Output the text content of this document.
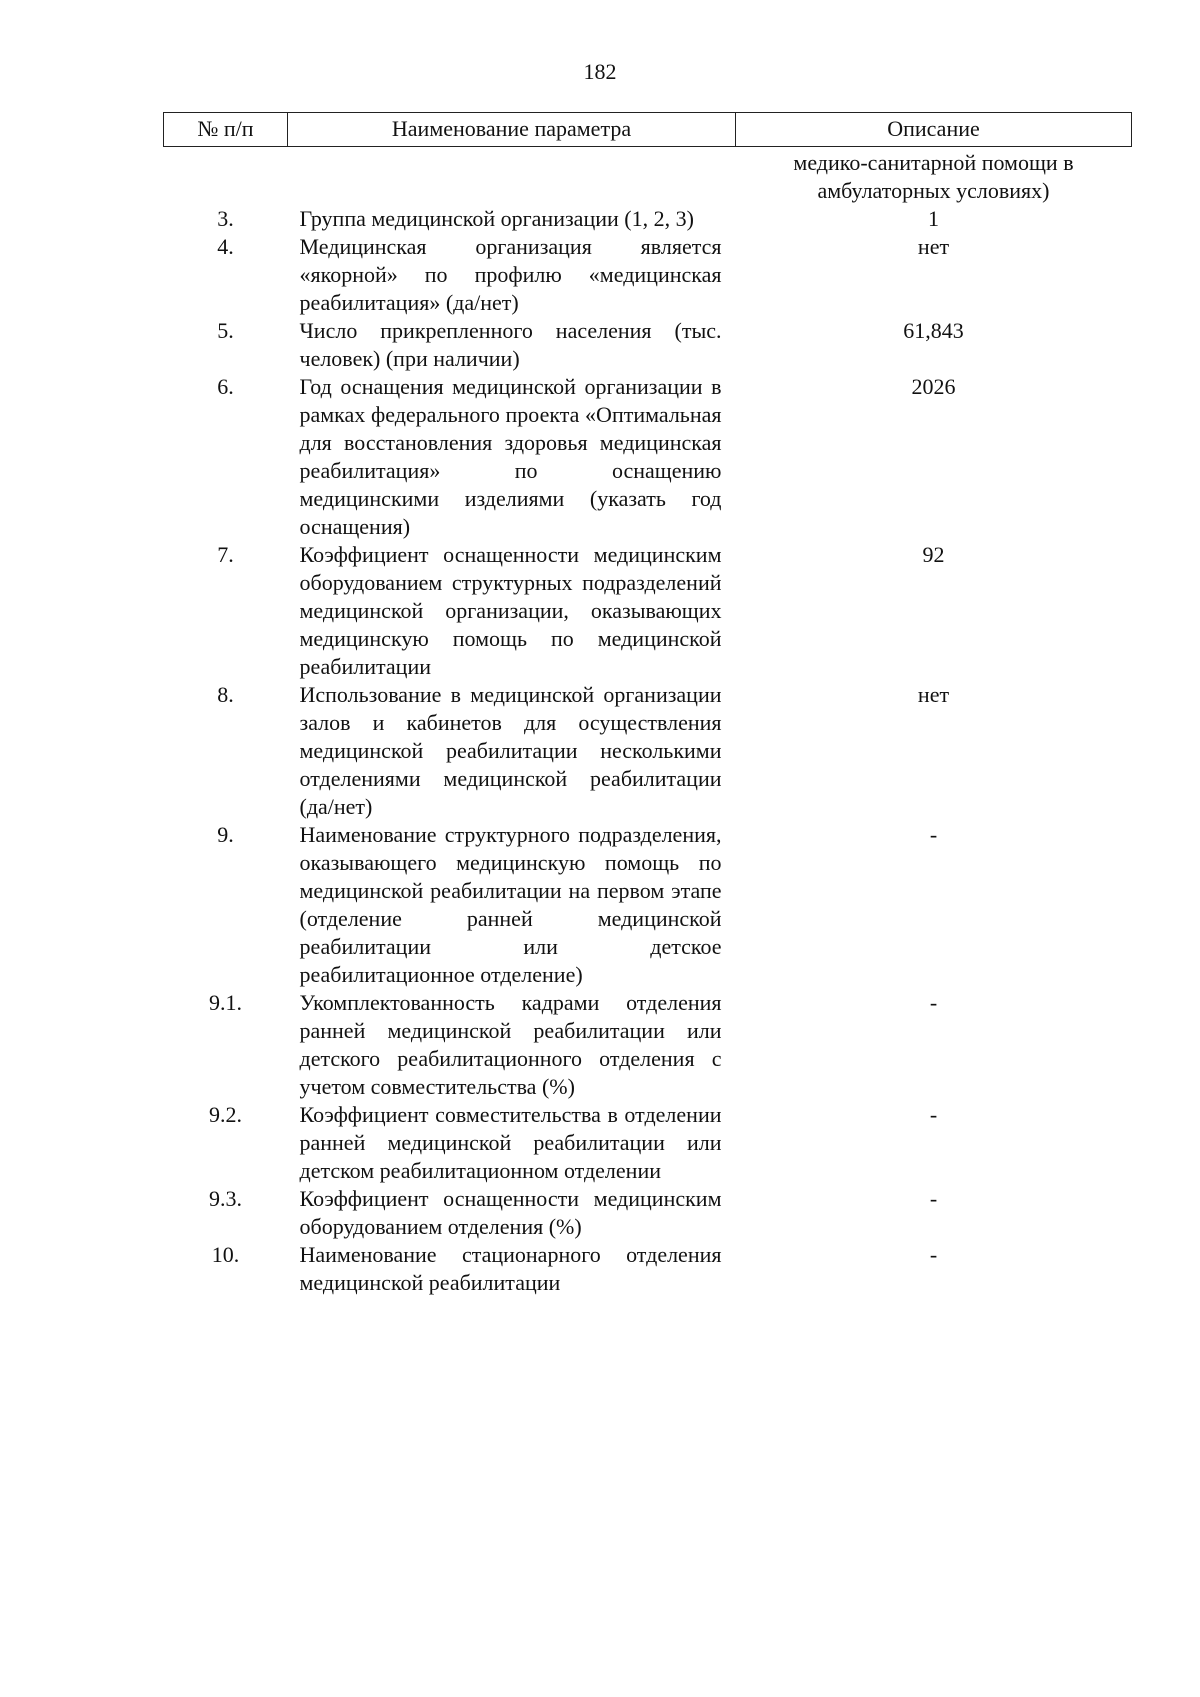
182
№ п/п	Наименование параметра	Описание
		медико-санитарной помощи в амбулаторных условиях)
3.	Группа медицинской организации (1, 2, 3)	1
4.	Медицинская организация является «якорной» по профилю «медицинская реабилитация» (да/нет)	нет
5.	Число прикрепленного населения (тыс. человек) (при наличии)	61,843
6.	Год оснащения медицинской организации в рамках федерального проекта «Оптимальная для восстановления здоровья медицинская реабилитация» по оснащению медицинскими изделиями (указать год оснащения)	2026
7.	Коэффициент оснащенности медицинским оборудованием структурных подразделений медицинской организации, оказывающих медицинскую помощь по медицинской реабилитации	92
8.	Использование в медицинской организации залов и кабинетов для осуществления медицинской реабилитации несколькими отделениями медицинской реабилитации (да/нет)	нет
9.	Наименование структурного подразделения, оказывающего медицинскую помощь по медицинской реабилитации на первом этапе (отделение ранней медицинской реабилитации или детское реабилитационное отделение)	-
9.1.	Укомплектованность кадрами отделения ранней медицинской реабилитации или детского реабилитационного отделения с учетом совместительства (%)	-
9.2.	Коэффициент совместительства в отделении ранней медицинской реабилитации или детском реабилитационном отделении	-
9.3.	Коэффициент оснащенности медицинским оборудованием отделения (%)	-
10.	Наименование стационарного отделения медицинской реабилитации	-
